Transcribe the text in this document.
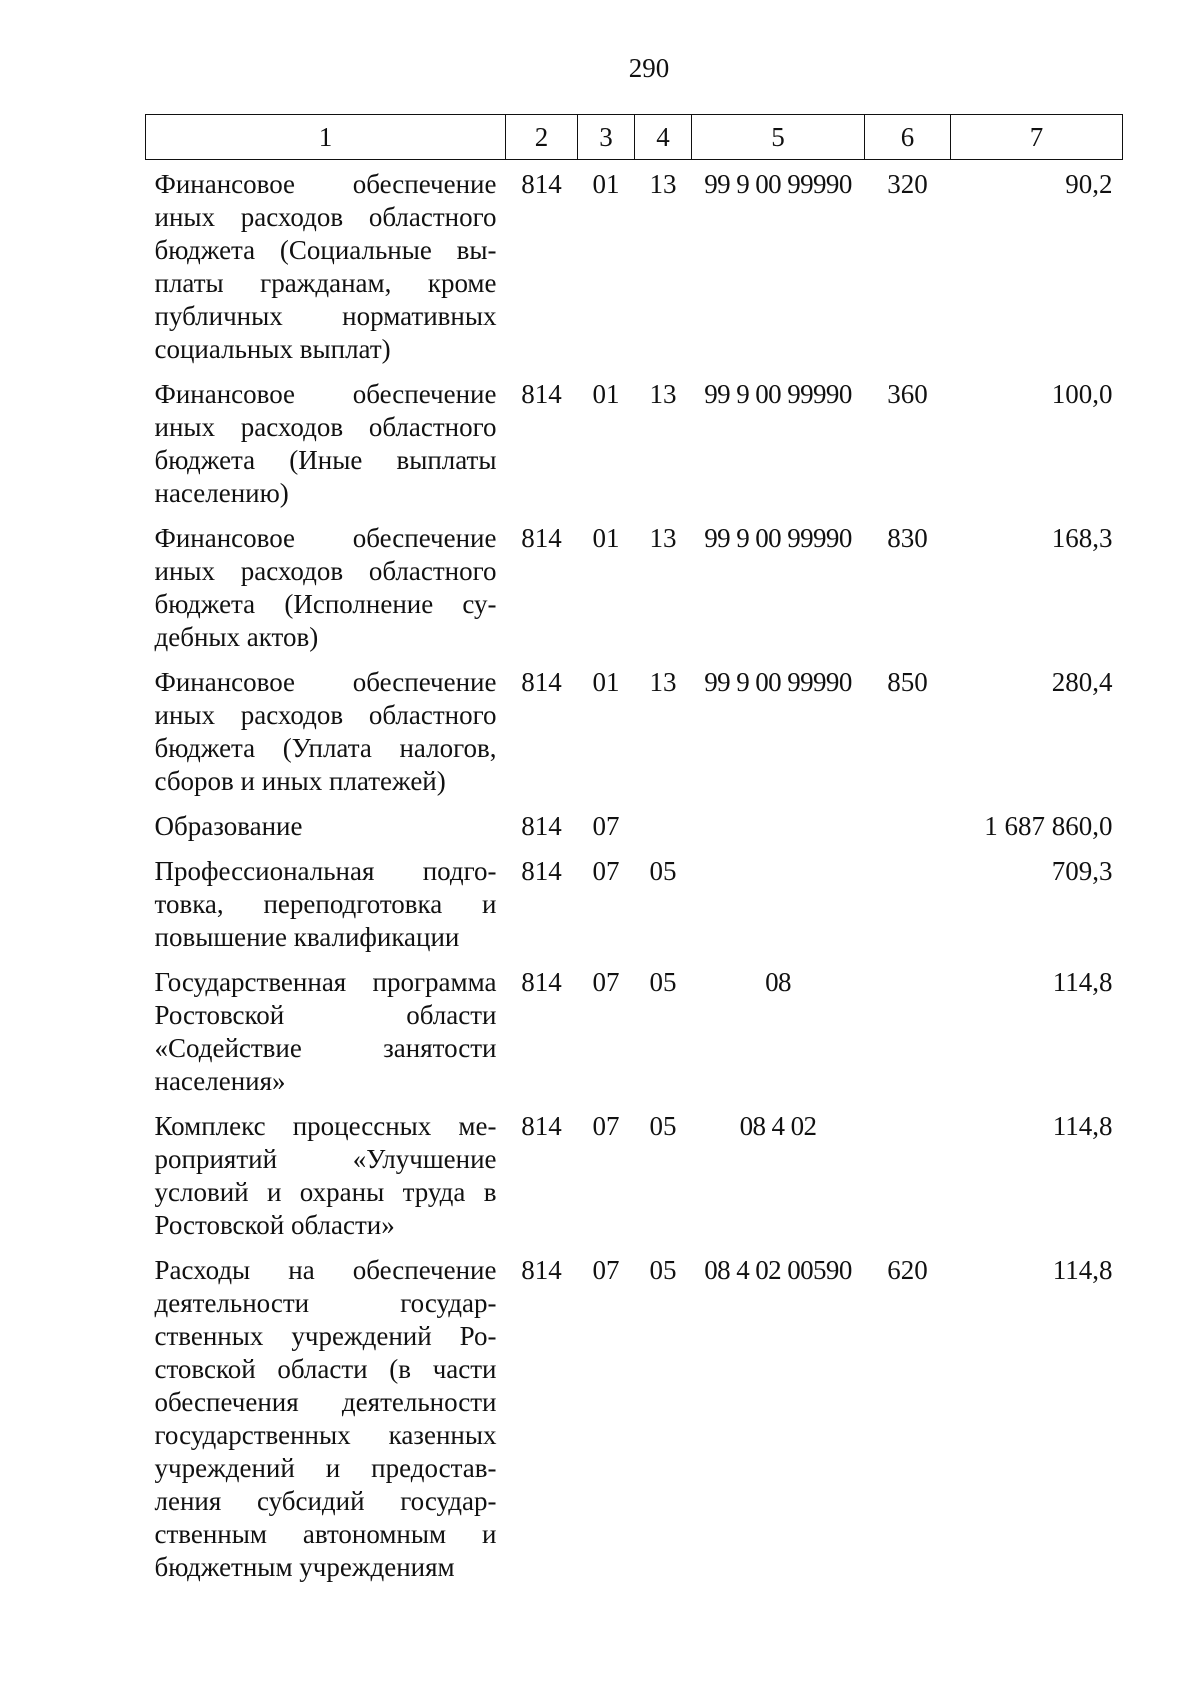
290
1	2	3	4	5	6	7
Финансовое обеспечение иных расходов областного бюджета (Социальные выплаты гражданам, кроме публичных нормативных социальных выплат)	814	01	13	99 9 00 99990	320	90,2
Финансовое обеспечение иных расходов областного бюджета (Иные выплаты населению)	814	01	13	99 9 00 99990	360	100,0
Финансовое обеспечение иных расходов областного бюджета (Исполнение судебных актов)	814	01	13	99 9 00 99990	830	168,3
Финансовое обеспечение иных расходов областного бюджета (Уплата налогов, сборов и иных платежей)	814	01	13	99 9 00 99990	850	280,4
Образование	814	07				1 687 860,0
Профессиональная подготовка, переподготовка и повышение квалификации	814	07	05			709,3
Государственная программа Ростовской области «Содействие занятости населения»	814	07	05	08		114,8
Комплекс процессных мероприятий «Улучшение условий и охраны труда в Ростовской области»	814	07	05	08 4 02		114,8
Расходы на обеспечение деятельности государственных учреждений Ростовской области (в части обеспечения деятельности государственных казенных учреждений и предоставления субсидий государственным автономным и бюджетным учреждениям	814	07	05	08 4 02 00590	620	114,8
